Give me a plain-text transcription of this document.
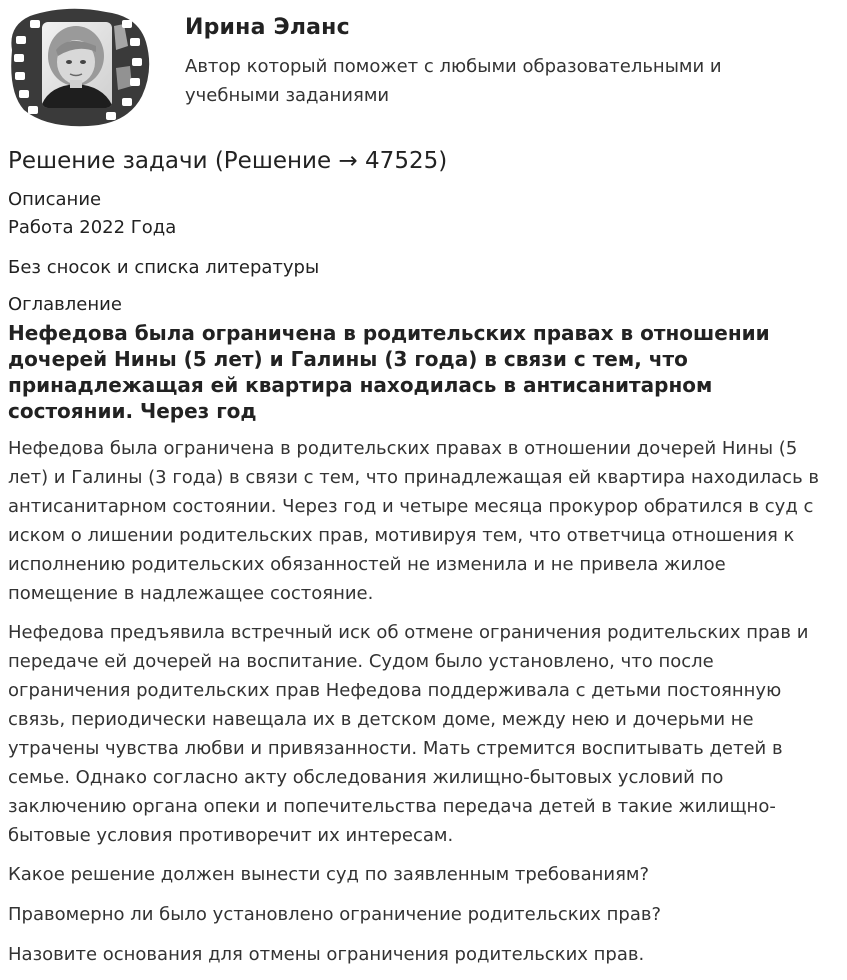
Ирина Эланс
Автор который поможет с любыми образовательными и учебными заданиями
Решение задачи (Решение → 47525)
Описание
Работа 2022 Года
Без сносок и списка литературы
Оглавление
Нефедова была ограничена в родительских правах в отношении дочерей Нины (5 лет) и Галины (3 года) в связи с тем, что принадлежащая ей квартира находилась в антисанитарном состоянии. Через год

Нефедова была ограничена в родительских правах в отношении дочерей Нины (5 лет) и Галины (3 года) в связи с тем, что принадлежащая ей квартира находилась в антисанитарном состоянии. Через год и четыре месяца прокурор обратился в суд с иском о лишении родительских прав, мотивируя тем, что ответчица отношения к исполнению родительских обязанностей не изменила и не привела жилое помещение в надлежащее состояние.

Нефедова предъявила встречный иск об отмене ограничения родительских прав и передаче ей дочерей на воспитание. Судом было установлено, что после ограничения родительских прав Нефедова поддерживала с детьми постоянную связь, периодически навещала их в детском доме, между нею и дочерьми не утрачены чувства любви и привязанности. Мать стремится воспитывать детей в семье. Однако согласно акту обследования жилищно-бытовых условий по заключению органа опеки и попечительства передача детей в такие жилищно-бытовые условия противоречит их интересам.

Какое решение должен вынести суд по заявленным требованиям?

Правомерно ли было установлено ограничение родительских прав?

Назовите основания для отмены ограничения родительских прав.
